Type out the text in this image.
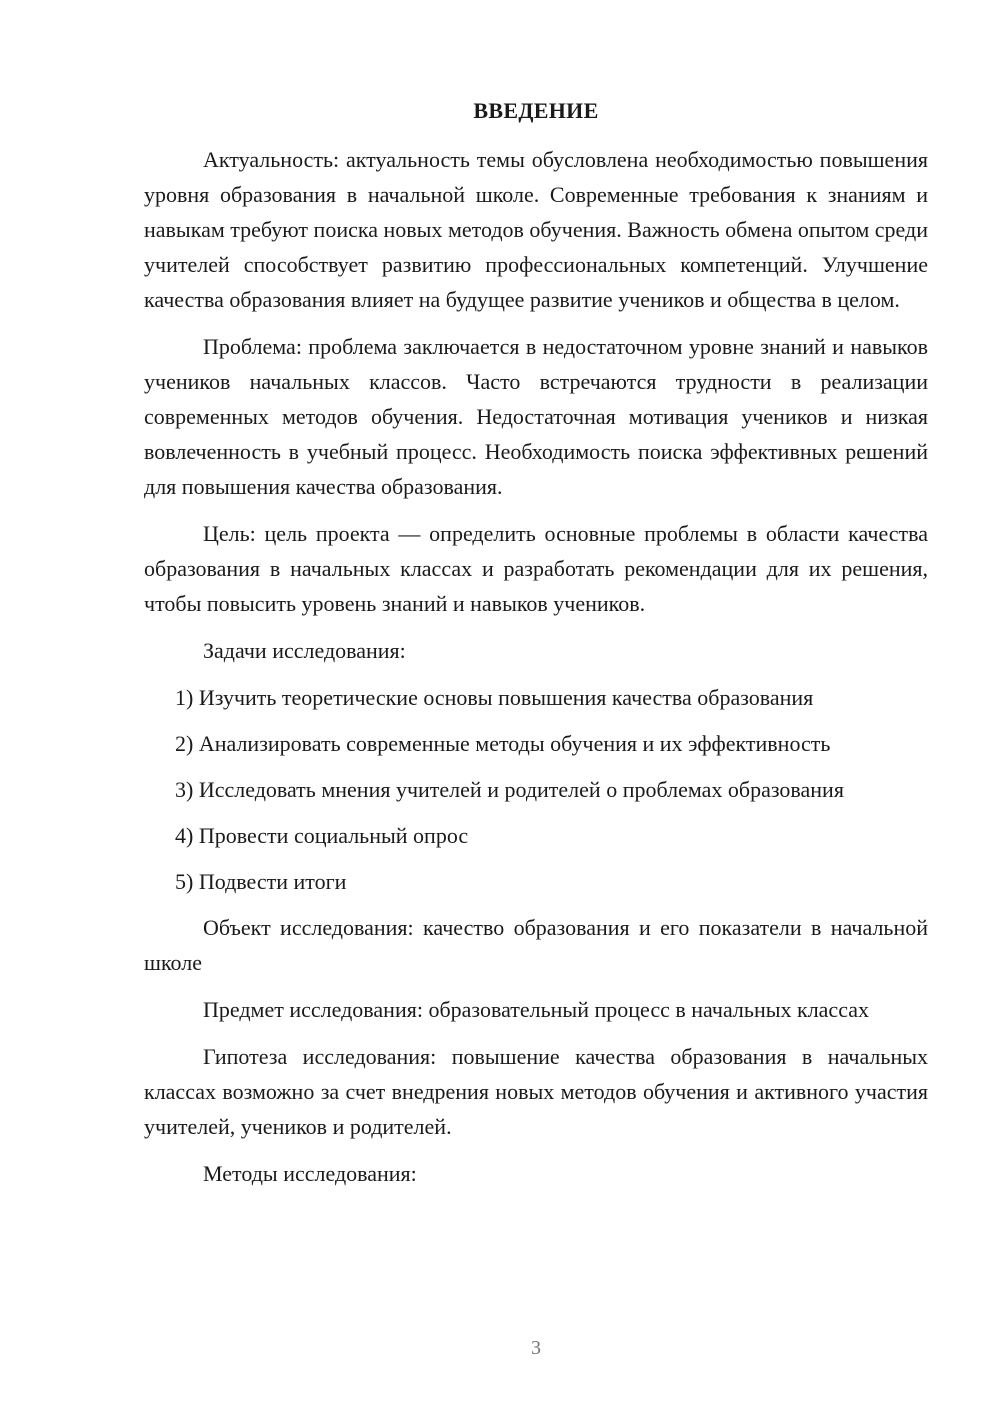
ВВЕДЕНИЕ

Актуальность: актуальность темы обусловлена необходимостью повышения уровня образования в начальной школе. Современные требования к знаниям и навыкам требуют поиска новых методов обучения. Важность обмена опытом среди учителей способствует развитию профессиональных компетенций. Улучшение качества образования влияет на будущее развитие учеников и общества в целом.

Проблема: проблема заключается в недостаточном уровне знаний и навыков учеников начальных классов. Часто встречаются трудности в реализации современных методов обучения. Недостаточная мотивация учеников и низкая вовлеченность в учебный процесс. Необходимость поиска эффективных решений для повышения качества образования.

Цель: цель проекта — определить основные проблемы в области качества образования в начальных классах и разработать рекомендации для их решения, чтобы повысить уровень знаний и навыков учеников.

Задачи исследования:

1) Изучить теоретические основы повышения качества образования

2) Анализировать современные методы обучения и их эффективность

3) Исследовать мнения учителей и родителей о проблемах образования

4) Провести социальный опрос

5) Подвести итоги

Объект исследования: качество образования и его показатели в начальной школе

Предмет исследования: образовательный процесс в начальных классах

Гипотеза исследования: повышение качества образования в начальных классах возможно за счет внедрения новых методов обучения и активного участия учителей, учеников и родителей.

Методы исследования:

3
